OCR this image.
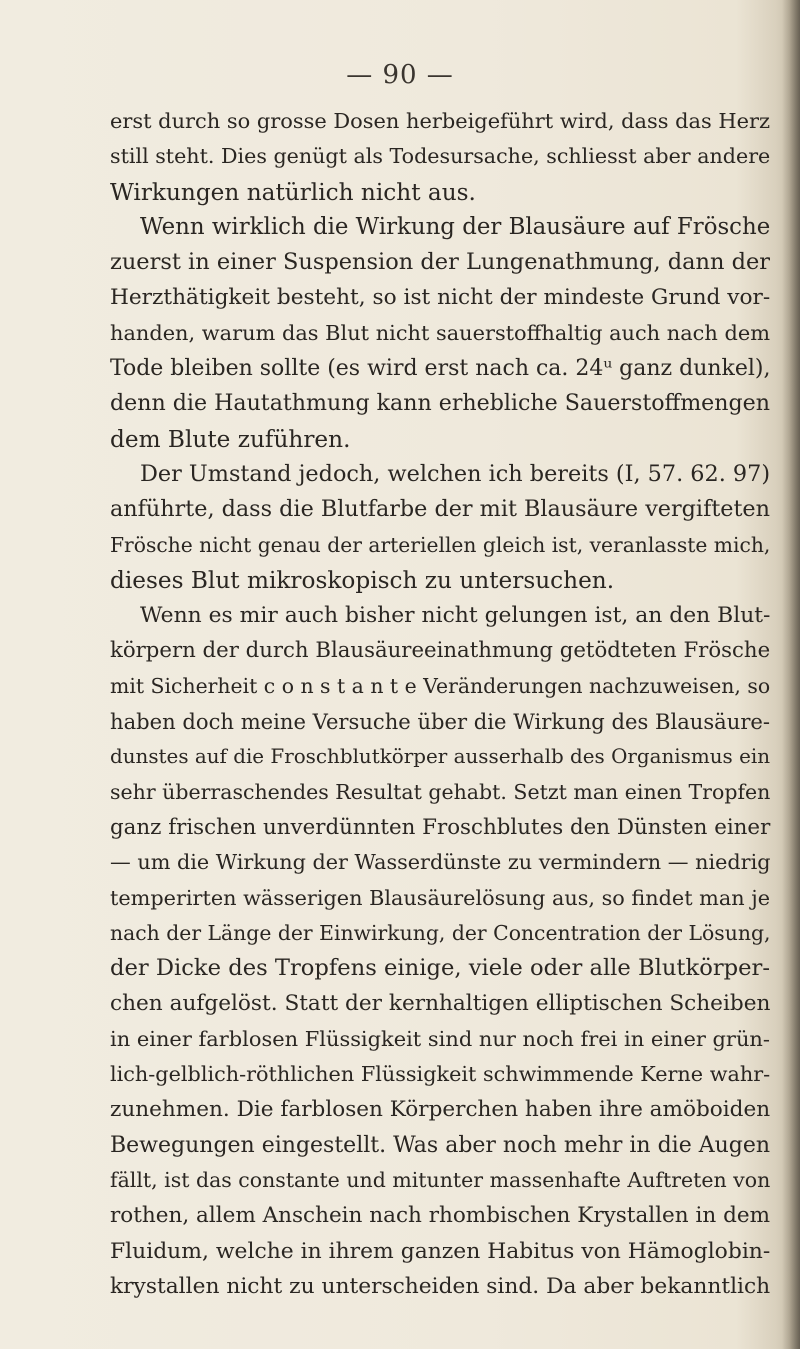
— 90 —
erst durch so grosse Dosen herbeigeführt wird, dass das Herz
still steht. Dies genügt als Todesursache, schliesst aber andere
Wirkungen natürlich nicht aus.
Wenn wirklich die Wirkung der Blausäure auf Frösche
zuerst in einer Suspension der Lungenathmung, dann der
Herzthätigkeit besteht, so ist nicht der mindeste Grund vor-
handen, warum das Blut nicht sauerstoffhaltig auch nach dem
Tode bleiben sollte (es wird erst nach ca. 24ᵘ ganz dunkel),
denn die Hautathmung kann erhebliche Sauerstoffmengen
dem Blute zuführen.
Der Umstand jedoch, welchen ich bereits (I, 57. 62. 97)
anführte, dass die Blutfarbe der mit Blausäure vergifteten
Frösche nicht genau der arteriellen gleich ist, veranlasste mich,
dieses Blut mikroskopisch zu untersuchen.
Wenn es mir auch bisher nicht gelungen ist, an den Blut-
körpern der durch Blausäureeinathmung getödteten Frösche
mit Sicherheit c o n s t a n t e Veränderungen nachzuweisen, so
haben doch meine Versuche über die Wirkung des Blausäure-
dunstes auf die Froschblutkörper ausserhalb des Organismus ein
sehr überraschendes Resultat gehabt. Setzt man einen Tropfen
ganz frischen unverdünnten Froschblutes den Dünsten einer
— um die Wirkung der Wasserdünste zu vermindern — niedrig
temperirten wässerigen Blausäurelösung aus, so findet man je
nach der Länge der Einwirkung, der Concentration der Lösung,
der Dicke des Tropfens einige, viele oder alle Blutkörper-
chen aufgelöst. Statt der kernhaltigen elliptischen Scheiben
in einer farblosen Flüssigkeit sind nur noch frei in einer grün-
lich-gelblich-röthlichen Flüssigkeit schwimmende Kerne wahr-
zunehmen. Die farblosen Körperchen haben ihre amöboiden
Bewegungen eingestellt. Was aber noch mehr in die Augen
fällt, ist das constante und mitunter massenhafte Auftreten von
rothen, allem Anschein nach rhombischen Krystallen in dem
Fluidum, welche in ihrem ganzen Habitus von Hämoglobin-
krystallen nicht zu unterscheiden sind. Da aber bekanntlich
